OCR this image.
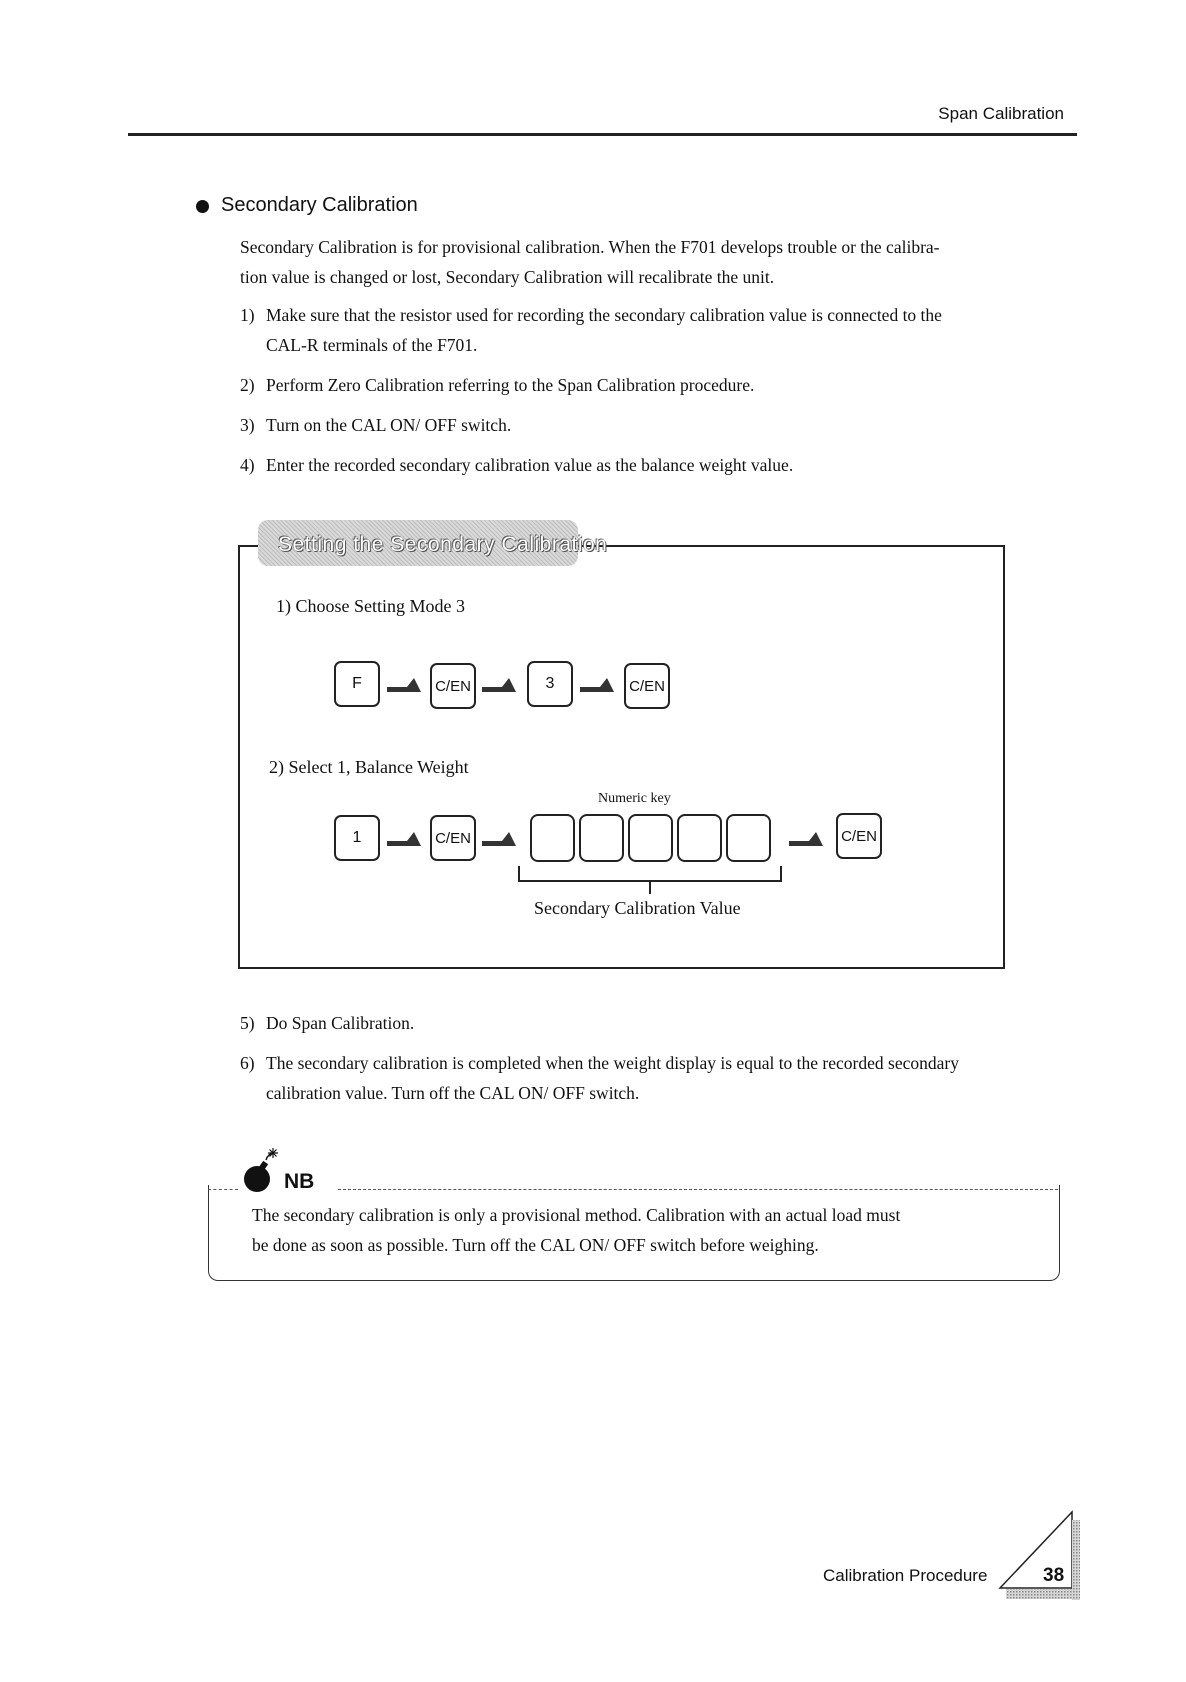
Span Calibration
Secondary Calibration
Secondary Calibration is for provisional calibration. When the F701 develops trouble or the calibra-
tion value is changed or lost, Secondary Calibration will recalibrate the unit.
1) Make sure that the resistor used for recording the secondary calibration value is connected to the
CAL-R terminals of the F701.
2) Perform Zero Calibration referring to the Span Calibration procedure.
3) Turn on the CAL ON/ OFF switch.
4) Enter the recorded secondary calibration value as the balance weight value.
Setting the Secondary Calibration
1) Choose Setting Mode 3
F	C/EN	3	C/EN
2) Select 1, Balance Weight
Numeric key
1	C/EN	C/EN
Secondary Calibration Value
5) Do Span Calibration.
6) The secondary calibration is completed when the weight display is equal to the recorded secondary
calibration value. Turn off the CAL ON/ OFF switch.
NB
The secondary calibration is only a provisional method. Calibration with an actual load must
be done as soon as possible. Turn off the CAL ON/ OFF switch before weighing.
Calibration Procedure	38
